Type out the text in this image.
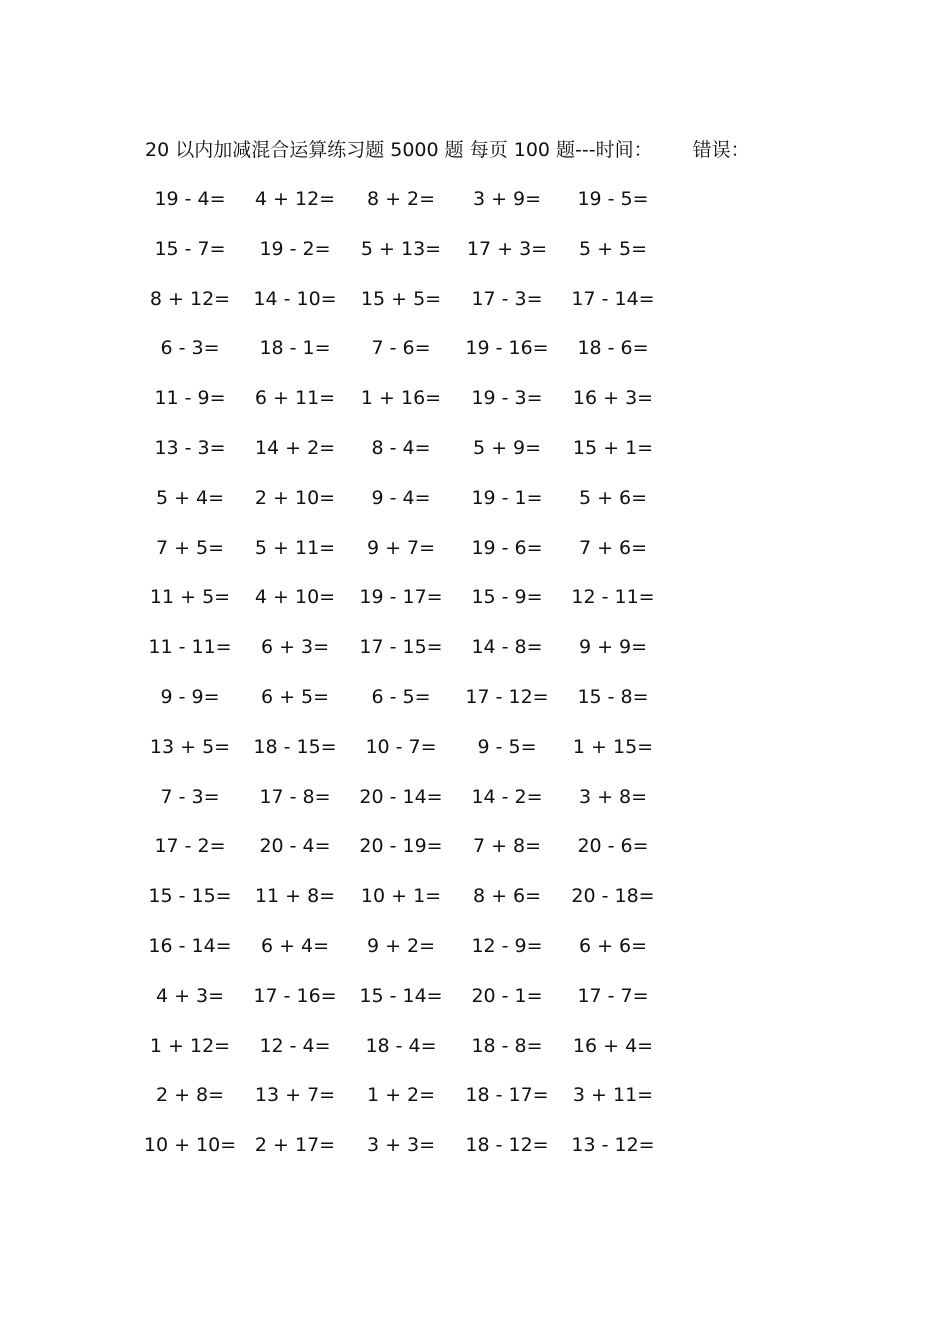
20 以内加减混合运算练习题 5000 题 每页 100 题---时间： 错误：
19 - 4=	4 + 12=	8 + 2=	3 + 9=	19 - 5=
15 - 7=	19 - 2=	5 + 13=	17 + 3=	5 + 5=
8 + 12=	14 - 10=	15 + 5=	17 - 3=	17 - 14=
6 - 3=	18 - 1=	7 - 6=	19 - 16=	18 - 6=
11 - 9=	6 + 11=	1 + 16=	19 - 3=	16 + 3=
13 - 3=	14 + 2=	8 - 4=	5 + 9=	15 + 1=
5 + 4=	2 + 10=	9 - 4=	19 - 1=	5 + 6=
7 + 5=	5 + 11=	9 + 7=	19 - 6=	7 + 6=
11 + 5=	4 + 10=	19 - 17=	15 - 9=	12 - 11=
11 - 11=	6 + 3=	17 - 15=	14 - 8=	9 + 9=
9 - 9=	6 + 5=	6 - 5=	17 - 12=	15 - 8=
13 + 5=	18 - 15=	10 - 7=	9 - 5=	1 + 15=
7 - 3=	17 - 8=	20 - 14=	14 - 2=	3 + 8=
17 - 2=	20 - 4=	20 - 19=	7 + 8=	20 - 6=
15 - 15=	11 + 8=	10 + 1=	8 + 6=	20 - 18=
16 - 14=	6 + 4=	9 + 2=	12 - 9=	6 + 6=
4 + 3=	17 - 16=	15 - 14=	20 - 1=	17 - 7=
1 + 12=	12 - 4=	18 - 4=	18 - 8=	16 + 4=
2 + 8=	13 + 7=	1 + 2=	18 - 17=	3 + 11=
10 + 10= 2 + 17=	3 + 3=	18 - 12=	13 - 12=
